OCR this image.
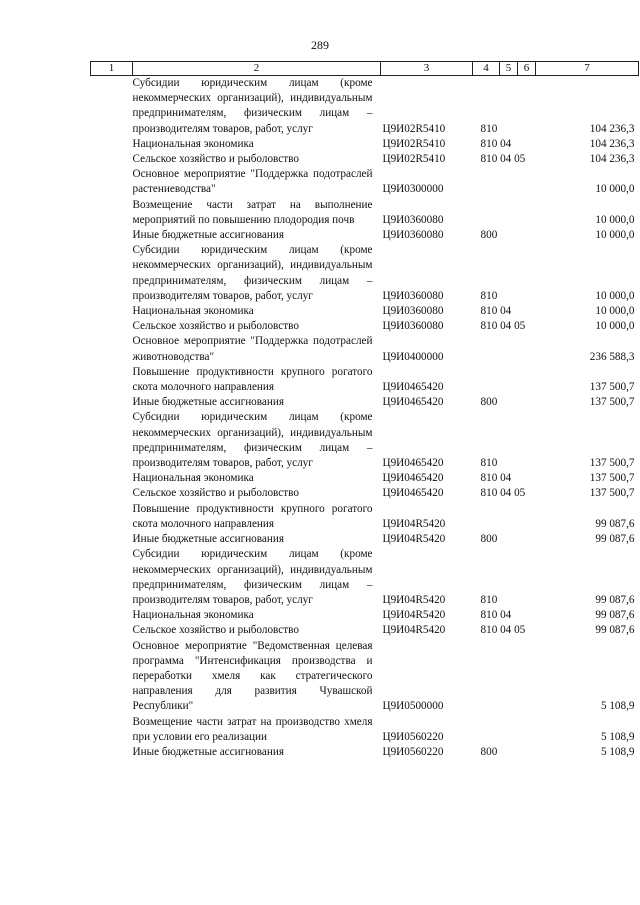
289
1	2	3	4	5	6	7
	Субсидии юридическим лицам (кроме некоммерческих организаций), индивидуальным предпринимателям, физическим лицам – производителям товаров, работ, услуг	Ц9И02R5410	810			104 236,3
	Национальная экономика	Ц9И02R5410	810 04			104 236,3
	Сельское хозяйство и рыболовство	Ц9И02R5410	810 04 05			104 236,3
	Основное мероприятие "Поддержка подотраслей растениеводства"	Ц9И0300000				10 000,0
	Возмещение части затрат на выполнение мероприятий по повышению плодородия почв	Ц9И0360080				10 000,0
	Иные бюджетные ассигнования	Ц9И0360080	800			10 000,0
	Субсидии юридическим лицам (кроме некоммерческих организаций), индивидуальным предпринимателям, физическим лицам – производителям товаров, работ, услуг	Ц9И0360080	810			10 000,0
	Национальная экономика	Ц9И0360080	810 04			10 000,0
	Сельское хозяйство и рыболовство	Ц9И0360080	810 04 05			10 000,0
	Основное мероприятие "Поддержка подотраслей животноводства"	Ц9И0400000				236 588,3
	Повышение продуктивности крупного рогатого скота молочного направления	Ц9И0465420				137 500,7
	Иные бюджетные ассигнования	Ц9И0465420	800			137 500,7
	Субсидии юридическим лицам (кроме некоммерческих организаций), индивидуальным предпринимателям, физическим лицам – производителям товаров, работ, услуг	Ц9И0465420	810			137 500,7
	Национальная экономика	Ц9И0465420	810 04			137 500,7
	Сельское хозяйство и рыболовство	Ц9И0465420	810 04 05			137 500,7
	Повышение продуктивности крупного рогатого скота молочного направления	Ц9И04R5420				99 087,6
	Иные бюджетные ассигнования	Ц9И04R5420	800			99 087,6
	Субсидии юридическим лицам (кроме некоммерческих организаций), индивидуальным предпринимателям, физическим лицам – производителям товаров, работ, услуг	Ц9И04R5420	810			99 087,6
	Национальная экономика	Ц9И04R5420	810 04			99 087,6
	Сельское хозяйство и рыболовство	Ц9И04R5420	810 04 05			99 087,6
	Основное мероприятие "Ведомственная целевая программа "Интенсификация производства и переработки хмеля как стратегического направления для развития Чувашской Республики"	Ц9И0500000				5 108,9
	Возмещение части затрат на производство хмеля при условии его реализации	Ц9И0560220				5 108,9
	Иные бюджетные ассигнования	Ц9И0560220	800			5 108,9
